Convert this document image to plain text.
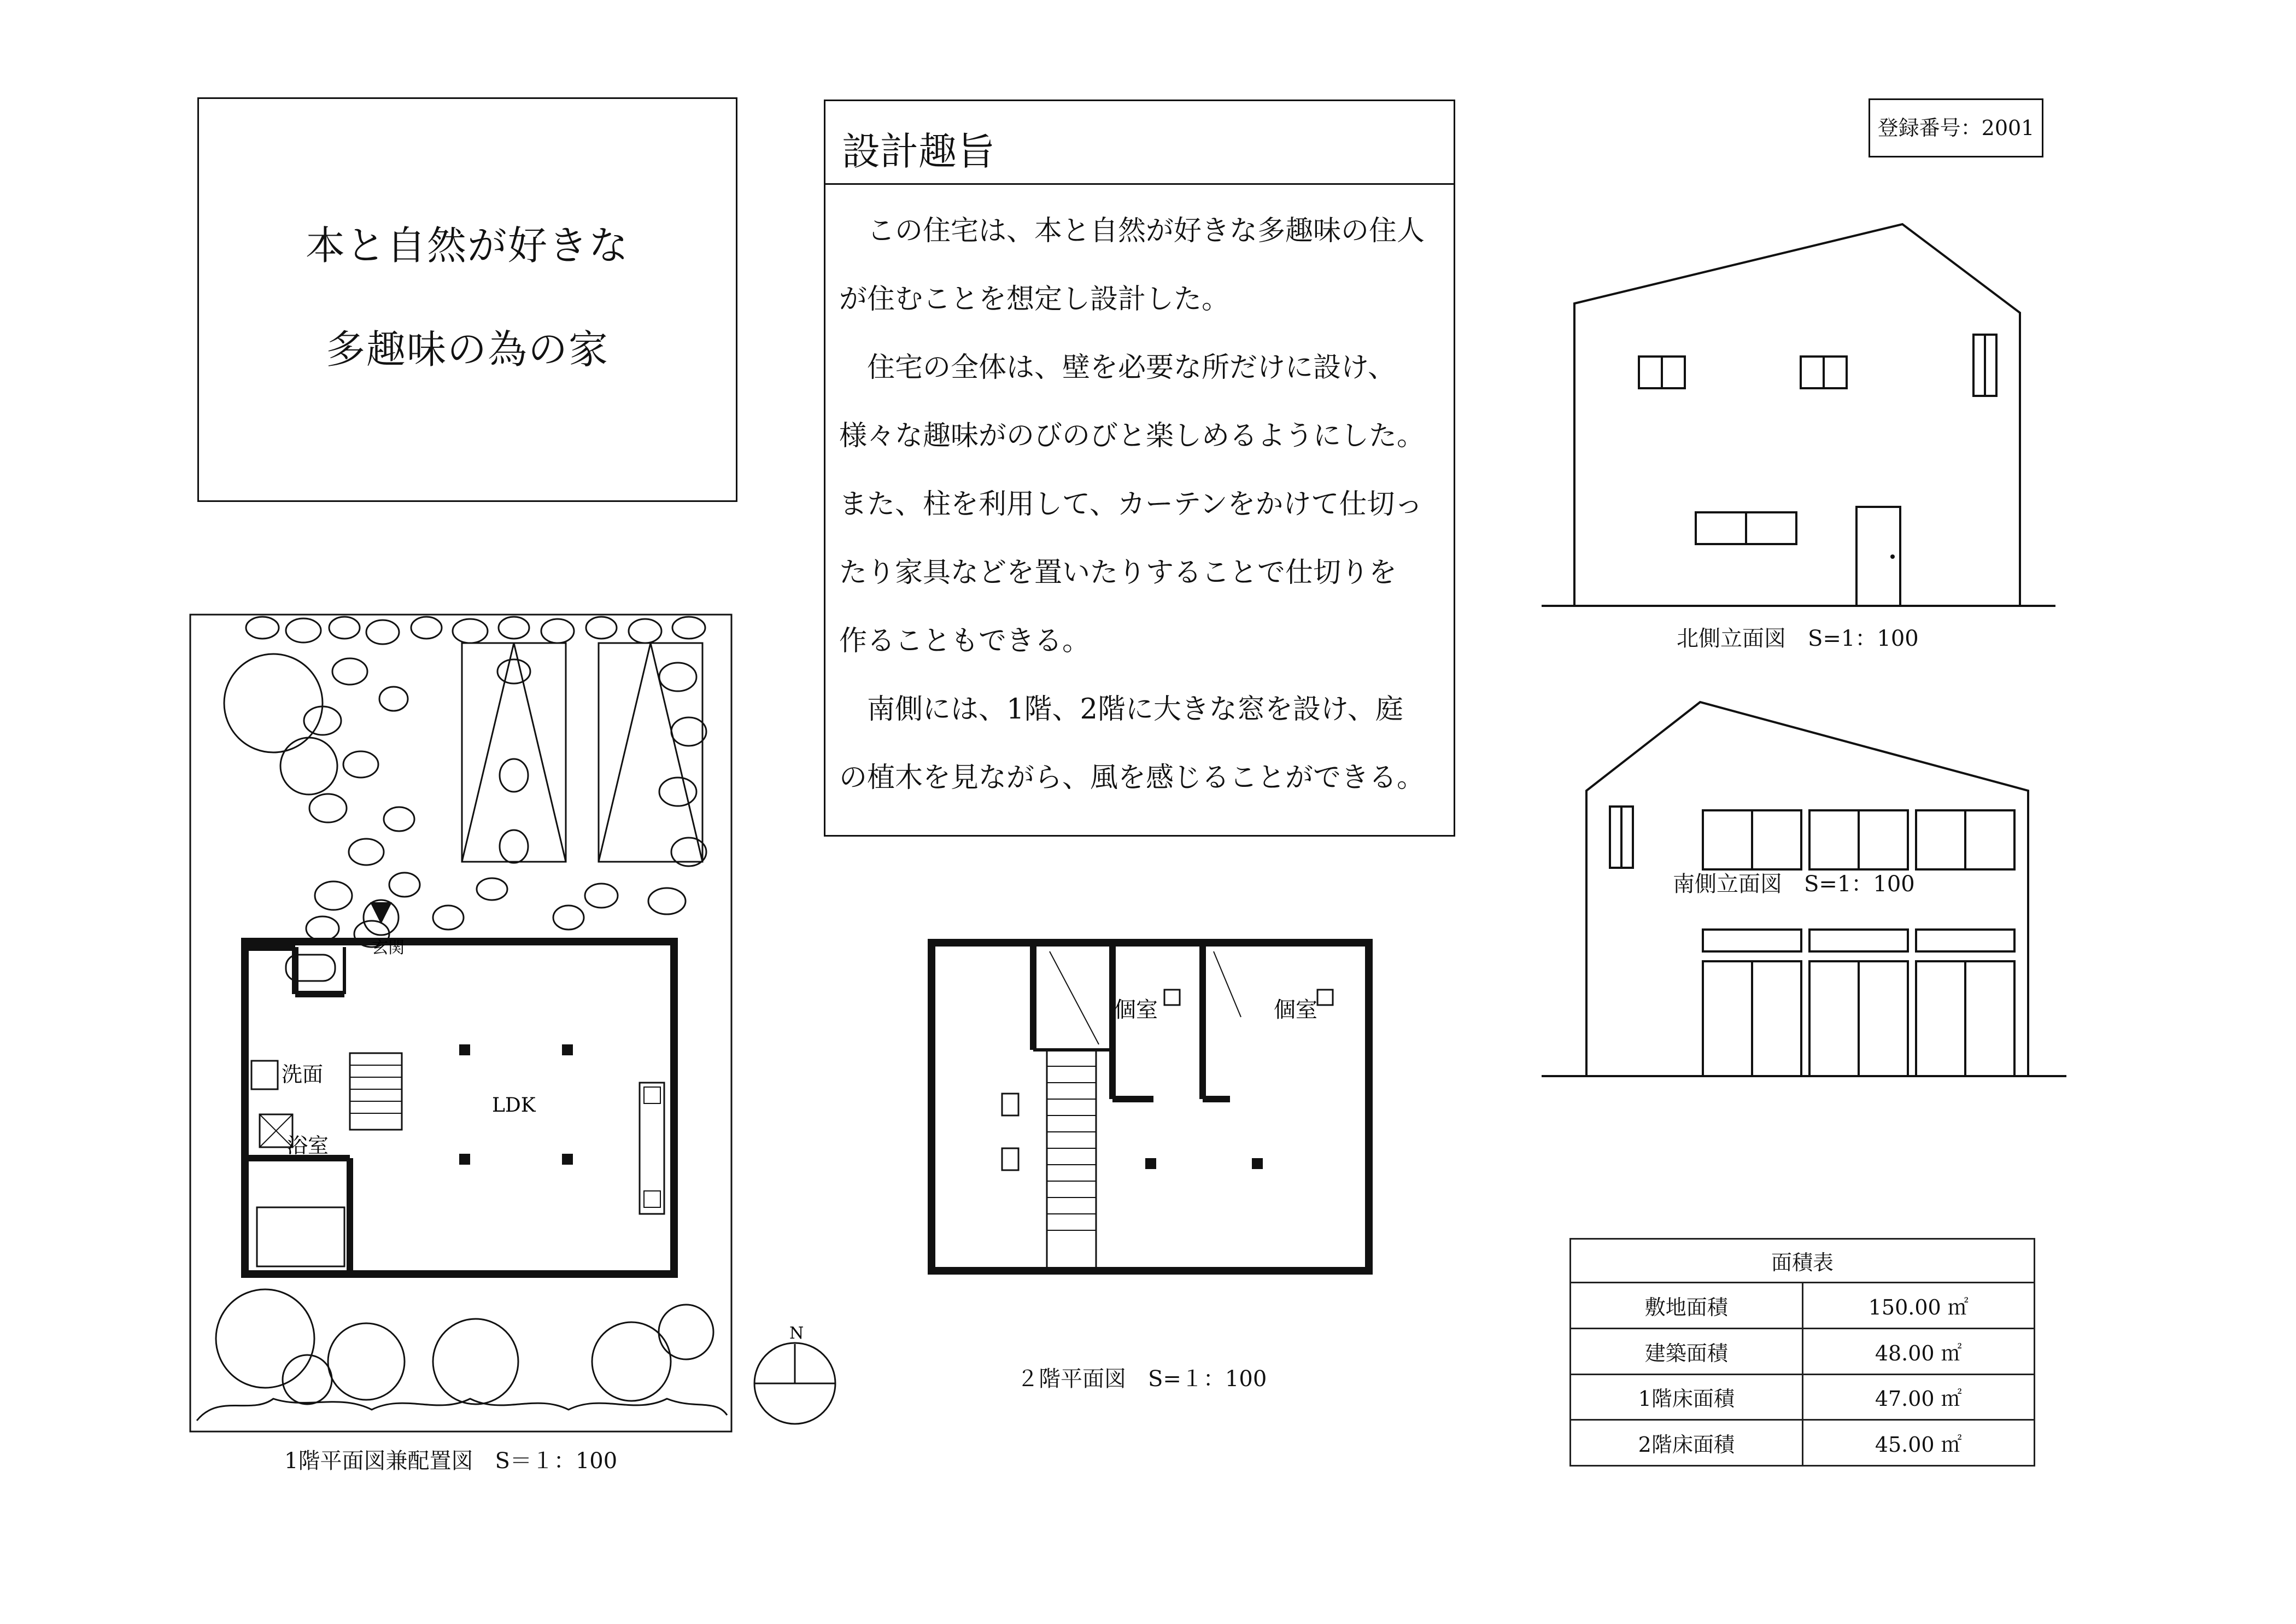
本と自然が好きな
多趣味の為の家
設計趣旨

この住宅は、本と自然が好きな多趣味の住人

が住むことを想定し設計した。

住宅の全体は、壁を必要な所だけに設け、

様々な趣味がのびのびと楽しめるようにした。
また、柱を利用して、カーテンをかけて仕切っ
たり家具などを置いたりすることで仕切りを
作ることもできる。

南側には、1階、2階に大きな窓を設け、庭

の植木を見ながら、風を感じることができる。
登録番号：2001
北側立面図　S=1：100
南側立面図　S=1：100
洗面
浴室
LDK
玄関
1階平面図兼配置図　S＝１：100
N
個室	個室
２階平面図　S=１：100
面積表	
敷地面積	150.00 ㎡
建築面積	48.00 ㎡
1階床面積	47.00 ㎡
2階床面積	45.00 ㎡
